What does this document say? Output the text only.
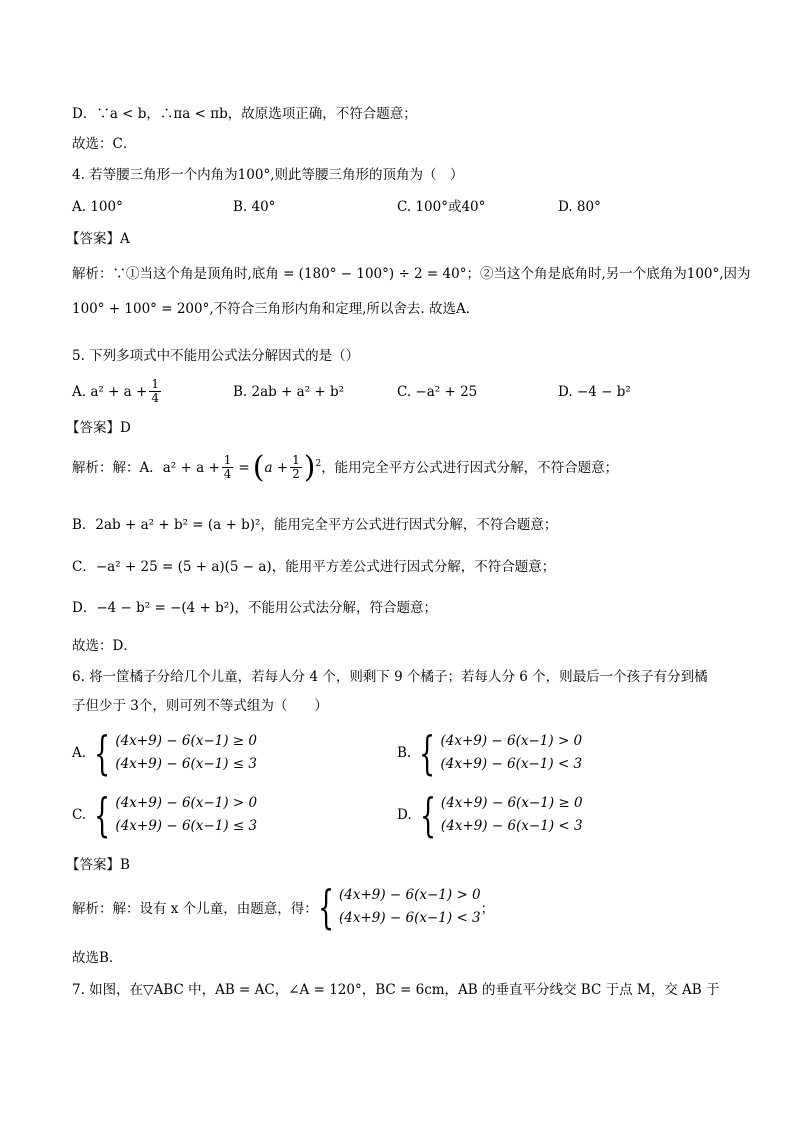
D．∵a < b，∴πa < πb，故原选项正确，不符合题意；
故选：C．
4. 若等腰三角形一个内角为100°,则此等腰三角形的顶角为（　）
A. 100°	B. 40°	C. 100°或40°	D. 80°
【答案】A
解析：∵①当这个角是顶角时,底角 = (180° − 100°) ÷ 2 = 40°；②当这个角是底角时,另一个底角为100°,因为
100° + 100° = 200°,不符合三角形内角和定理,所以舍去. 故选A．
5. 下列多项式中不能用公式法分解因式的是（）
A. $a^2 + a + \frac{1}{4}$	B. 2ab + a² + b²	C. −a² + 25	D. −4 − b²
【答案】D
解析：解：A．$a^2 + a + \frac{1}{4}$ = ( $a + \frac{1}{2} )^2$ ，能用完全平方公式进行因式分解，不符合题意；
B．2ab + a² + b² = (a + b)²，能用完全平方公式进行因式分解，不符合题意；
C．−a² + 25 = (5 + a)(5 − a)，能用平方差公式进行因式分解，不符合题意；
D．−4 − b² = −(4 + b²)，不能用公式法分解，符合题意；
故选：D．
6. 将一筐橘子分给几个儿童，若每人分 4 个，则剩下 9 个橘子；若每人分 6 个，则最后一个孩子有分到橘
子但少于 3个，则可列不等式组为（　　）
A. { (4x+9) − 6(x−1) ≥ 0
(4x+9) − 6(x−1) ≤ 3
B. { (4x+9) − 6(x−1) > 0
(4x+9) − 6(x−1) < 3
C. { (4x+9) − 6(x−1) > 0
(4x+9) − 6(x−1) ≤ 3
D. { (4x+9) − 6(x−1) ≥ 0
(4x+9) − 6(x−1) < 3
【答案】B
解析：解：设有 x 个儿童，由题意，得： { (4x+9) − 6(x−1) > 0
(4x+9) − 6(x−1) < 3
；
故选B．
7. 如图，在▽ABC 中，AB = AC，∠A = 120°，BC = 6cm，AB 的垂直平分线交 BC 于点 M，交 AB 于
